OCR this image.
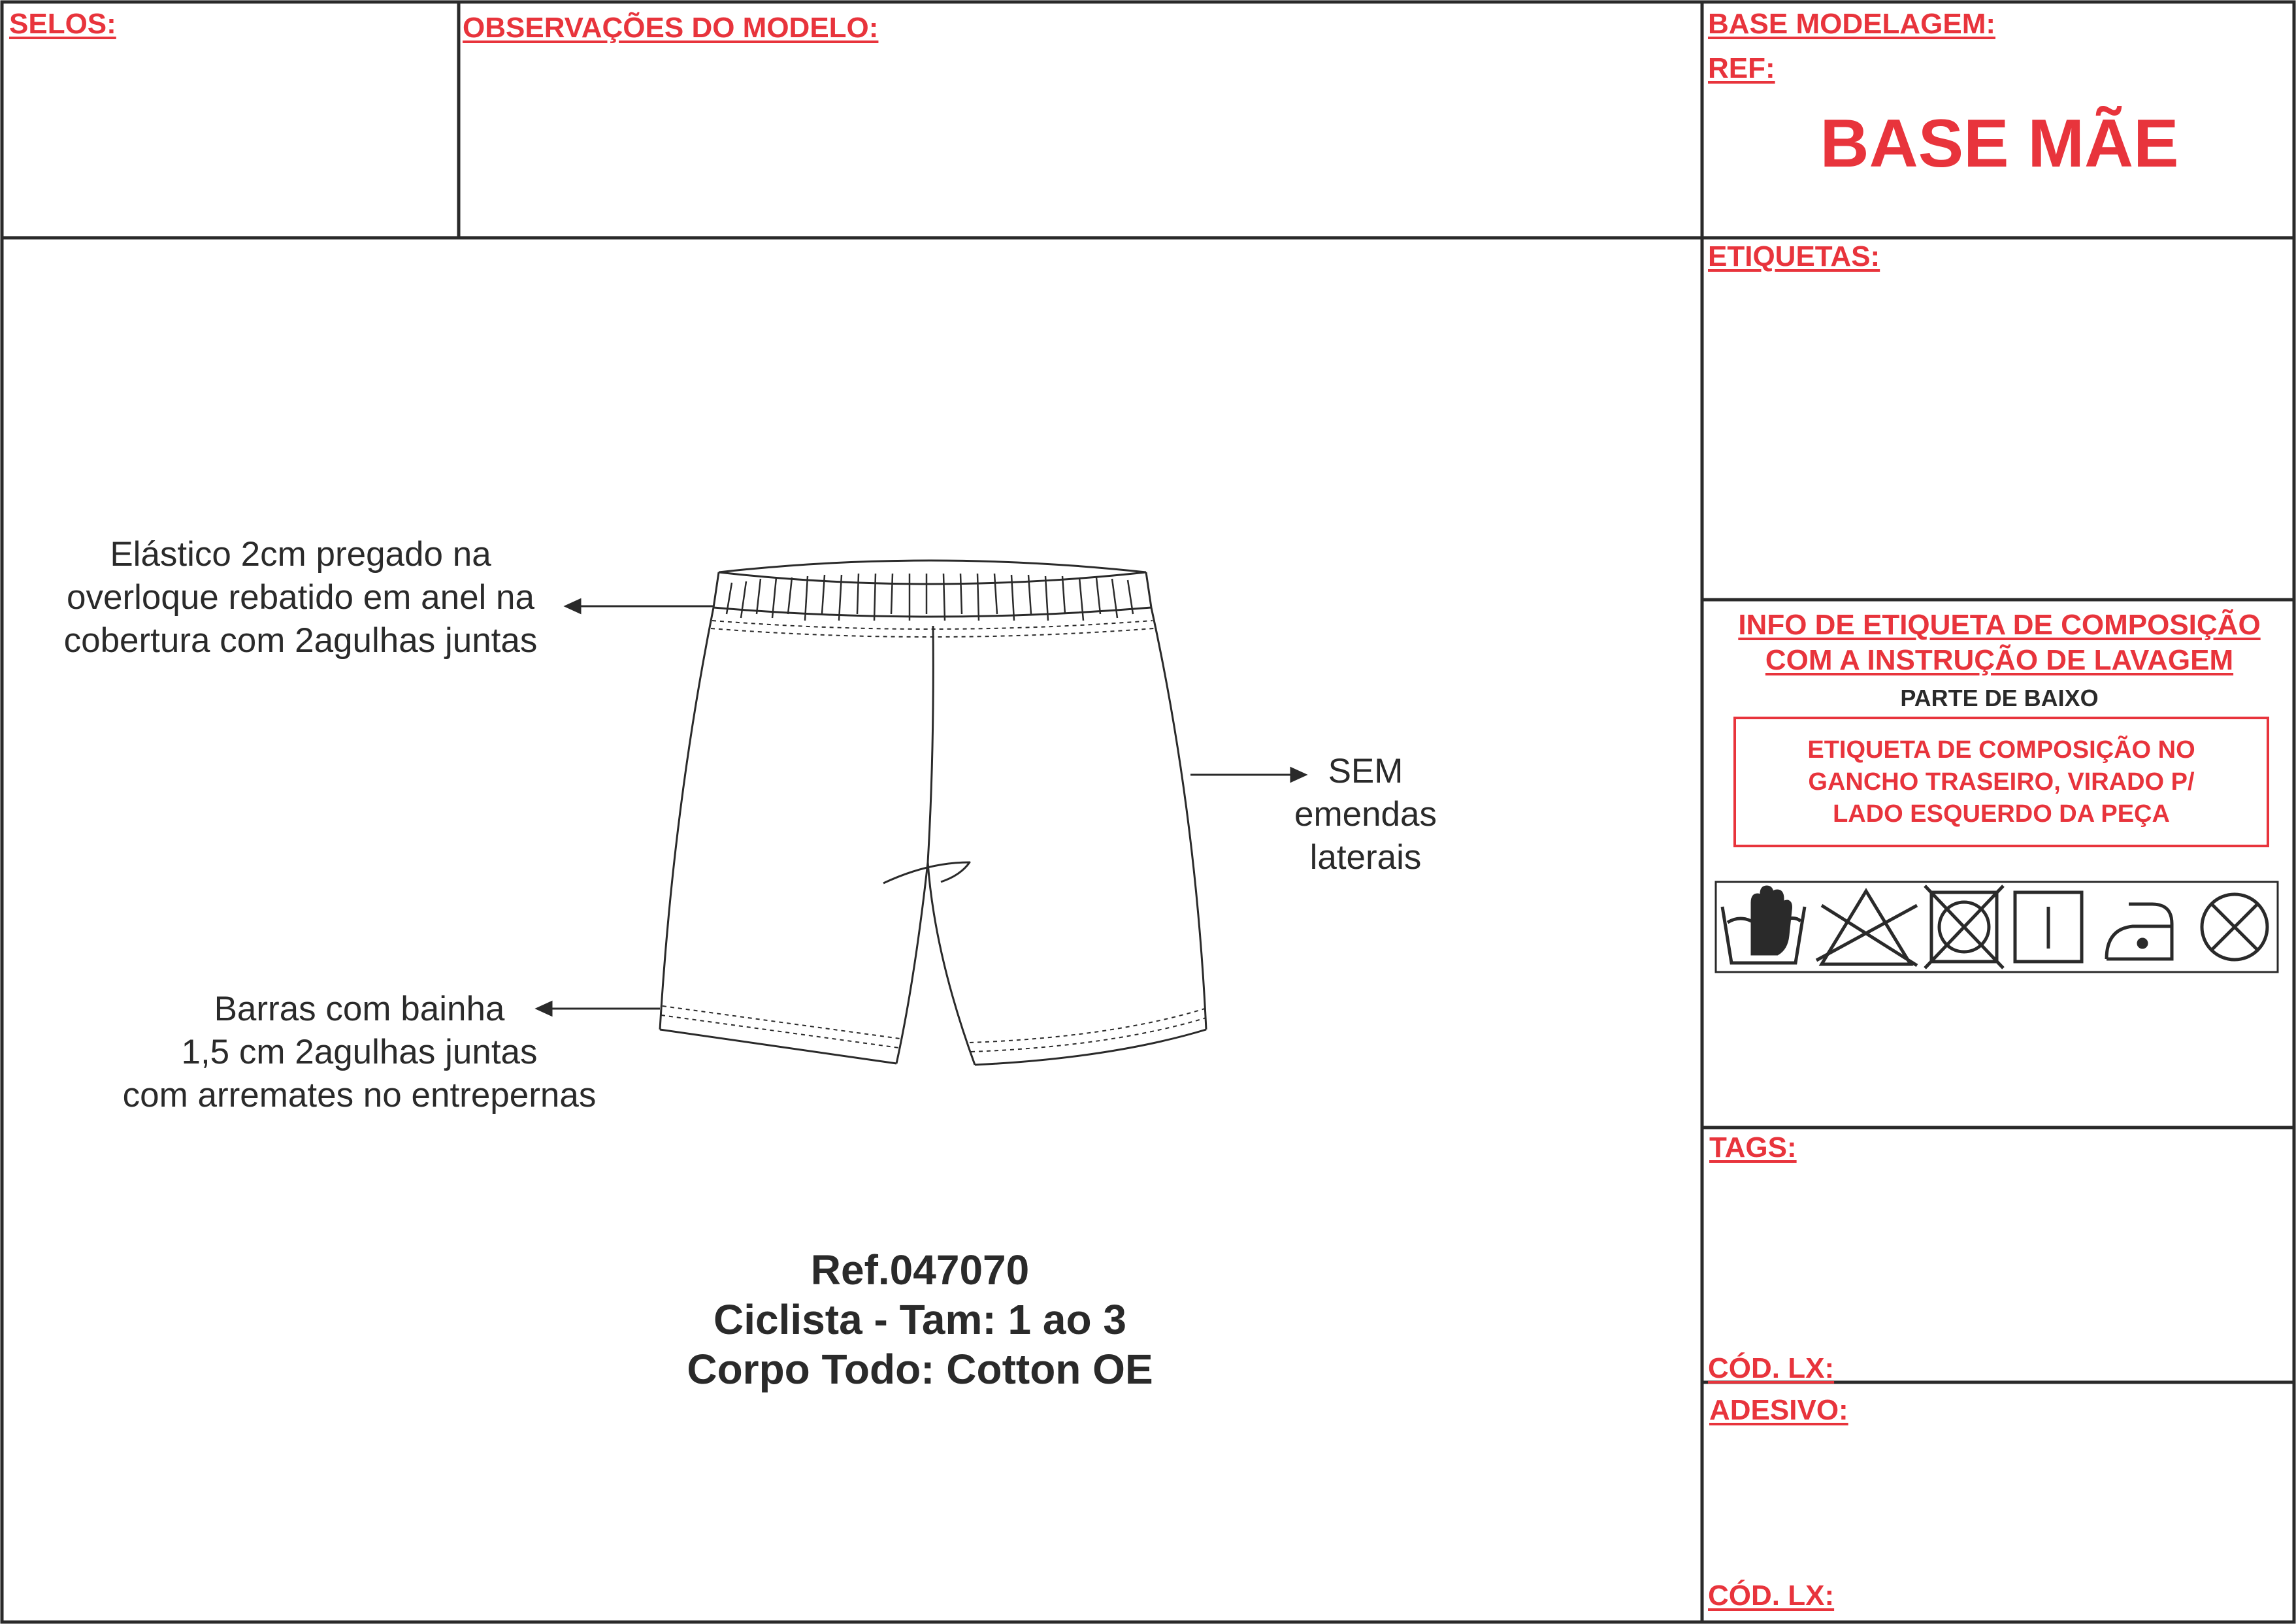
SELOS:	OBSERVAÇÕES DO MODELO:	BASE MODELAGEM:
REF:
BASE MÃE
ETIQUETAS:
INFO DE ETIQUETA DE COMPOSIÇÃO
COM A INSTRUÇÃO DE LAVAGEM
PARTE DE BAIXO
ETIQUETA DE COMPOSIÇÃO NO
GANCHO TRASEIRO, VIRADO P/
LADO ESQUERDO DA PEÇA
TAGS:
CÓD. LX:
ADESIVO:
CÓD. LX:
Elástico 2cm pregado na
overloque rebatido em anel na
cobertura com 2agulhas juntas
SEM
emendas
laterais
Barras com bainha
1,5 cm 2agulhas juntas
com arremates no entrepernas
Ref.047070
Ciclista - Tam: 1 ao 3
Corpo Todo: Cotton OE
